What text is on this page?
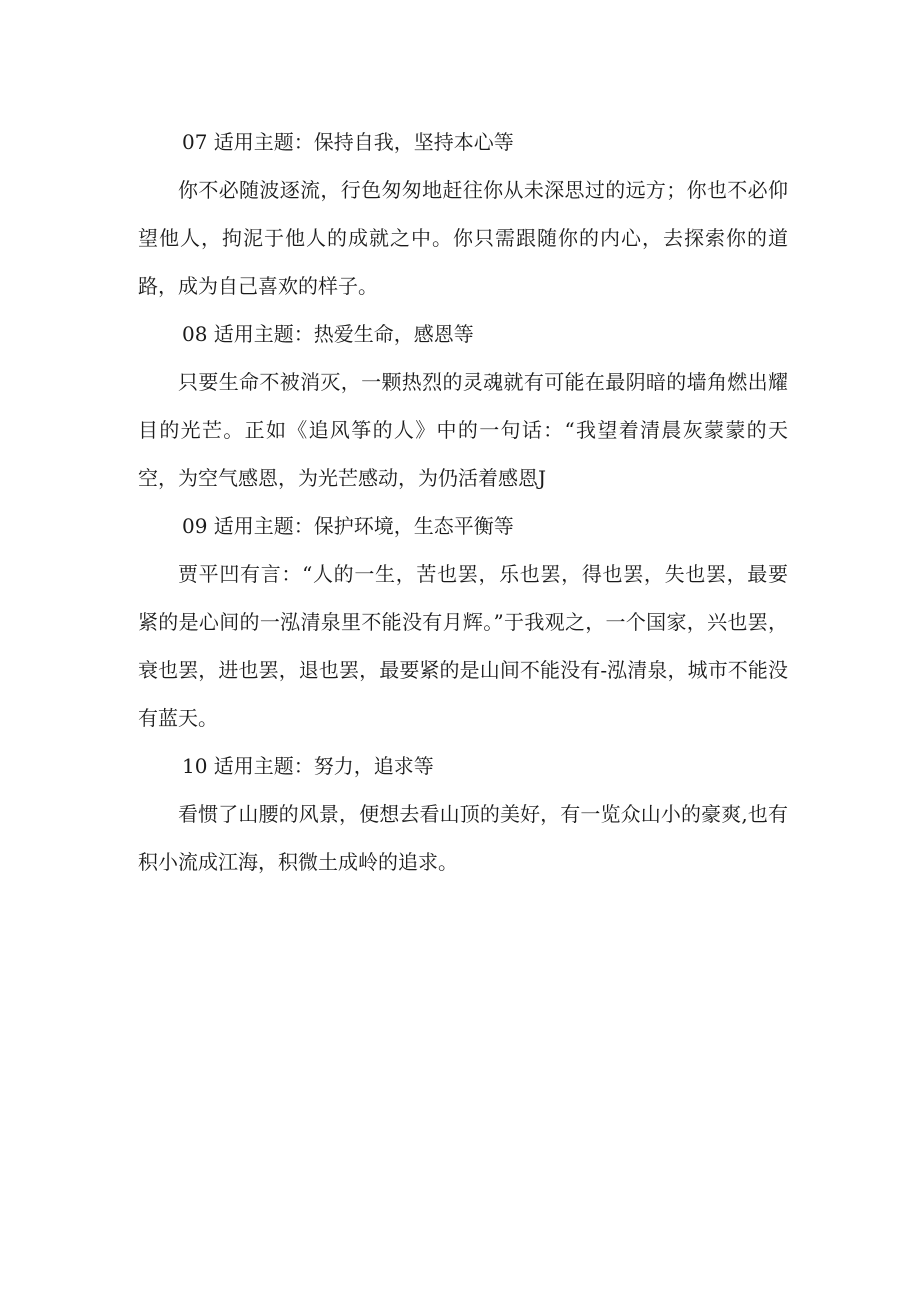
07 适用主题：保持自我，坚持本心等

你不必随波逐流，行色匆匆地赶往你从未深思过的远方；你也不必仰望他人，拘泥于他人的成就之中。你只需跟随你的内心，去探索你的道路，成为自己喜欢的样子。

08 适用主题：热爱生命，感恩等

只要生命不被消灭，一颗热烈的灵魂就有可能在最阴暗的墙角燃出耀目的光芒。正如《追风筝的人》中的一句话：“我望着清晨灰蒙蒙的天空，为空气感恩，为光芒感动，为仍活着感恩J

09 适用主题：保护环境，生态平衡等

贾平凹有言：“人的一生，苦也罢，乐也罢，得也罢，失也罢，最要紧的是心间的一泓清泉里不能没有月辉。”于我观之，一个国家，兴也罢，衰也罢，进也罢，退也罢，最要紧的是山间不能没有-泓清泉，城市不能没有蓝天。

10 适用主题：努力，追求等

看惯了山腰的风景，便想去看山顶的美好，有一览众山小的豪爽,也有积小流成江海，积微土成岭的追求。
